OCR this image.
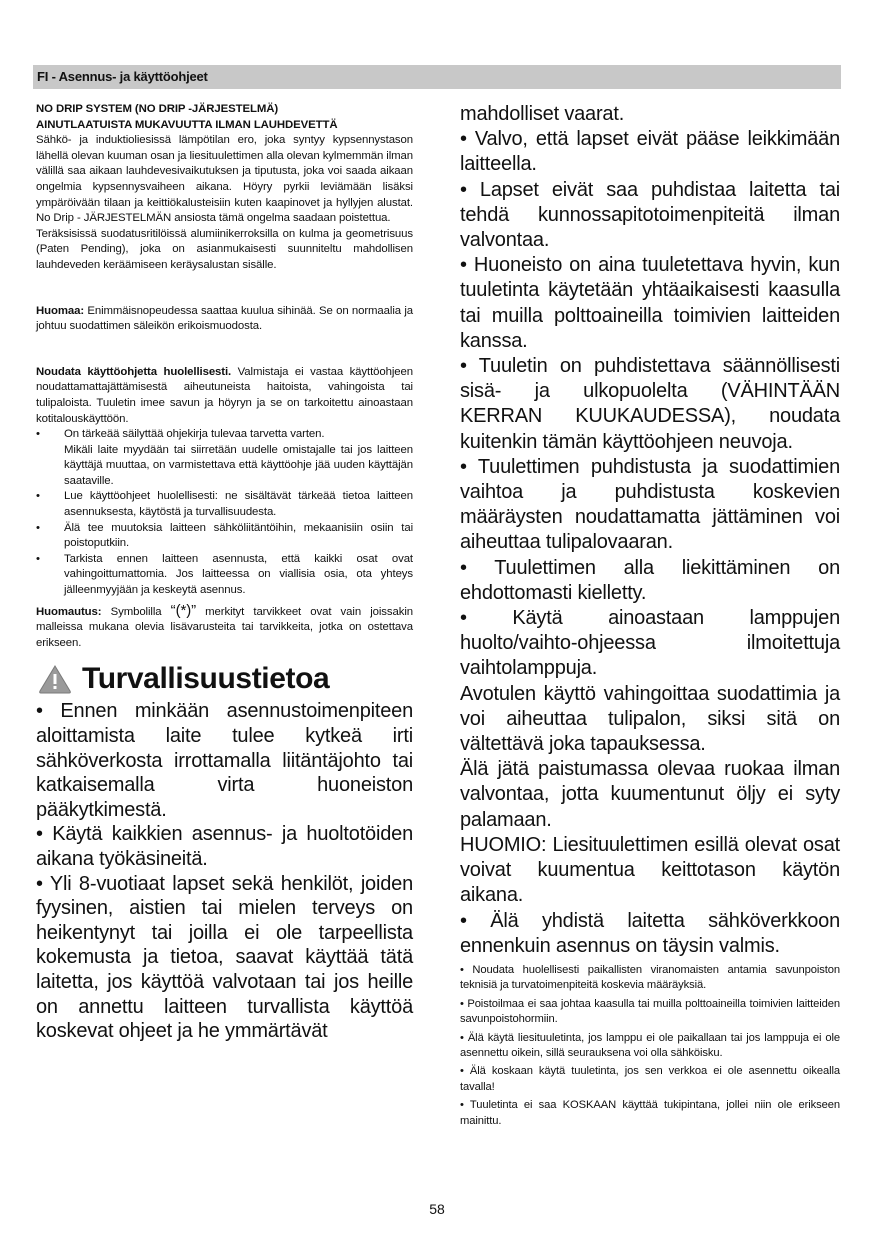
FI - Asennus- ja käyttöohjeet

NO DRIP SYSTEM (NO DRIP -JÄRJESTELMÄ)

AINUTLAATUISTA MUKAVUUTTA ILMAN LAUHDEVETTÄ

Sähkö- ja induktioliesissä lämpötilan ero, joka syntyy kypsennystason lähellä olevan kuuman osan ja liesituulettimen alla olevan kylmemmän ilman välillä saa aikaan lauhdevesivaikutuksen ja tiputusta, joka voi saada aikaan ongelmia kypsennysvaiheen aikana. Höyry pyrkii leviämään lisäksi ympäröivään tilaan ja keittiökalusteisiin kuten kaapinovet ja hyllyjen alustat. No Drip - JÄRJESTELMÄN ansiosta tämä ongelma saadaan poistettua.

Teräksisissä suodatusritilöissä alumiinikerroksilla on kulma ja geometrisuus (Paten Pending), joka on asianmukaisesti suunniteltu mahdollisen lauhdeveden keräämiseen keräysalustan sisälle.

Huomaa: Enimmäisnopeudessa saattaa kuulua sihinää. Se on normaalia ja johtuu suodattimen säleikön erikoismuodosta.

Noudata käyttöohjetta huolellisesti. Valmistaja ei vastaa käyttöohjeen noudattamattajättämisestä aiheutuneista haitoista, vahingoista tai tulipaloista. Tuuletin imee savun ja höyryn ja se on tarkoitettu ainoastaan kotitalouskäyttöön.

• On tärkeää säilyttää ohjekirja tulevaa tarvetta varten.
Mikäli laite myydään tai siirretään uudelle omistajalle tai jos laitteen käyttäjä muuttaa, on varmistettava että käyttöohje jää uuden käyttäjän saataville.
• Lue käyttöohjeet huolellisesti: ne sisältävät tärkeää tietoa laitteen asennuksesta, käytöstä ja turvallisuudesta.
• Älä tee muutoksia laitteen sähköliitäntöihin, mekaanisiin osiin tai poistoputkiin.
• Tarkista ennen laitteen asennusta, että kaikki osat ovat vahingoittumattomia. Jos laitteessa on viallisia osia, ota yhteys jälleenmyyjään ja keskeytä asennus.

Huomautus: Symbolilla “(*)” merkityt tarvikkeet ovat vain joissakin malleissa mukana olevia lisävarusteita tai tarvikkeita, jotka on ostettava erikseen.

Turvallisuustietoa

• Ennen minkään asennustoimenpiteen aloittamista laite tulee kytkeä irti sähköverkosta irrottamalla liitäntäjohto tai katkaisemalla virta huoneiston pääkytkimestä.

• Käytä kaikkien asennus- ja huoltotöiden aikana työkäsineitä.

• Yli 8-vuotiaat lapset sekä henkilöt, joiden fyysinen, aistien tai mielen terveys on heikentynyt tai joilla ei ole tarpeellista kokemusta ja tietoa, saavat käyttää tätä laitetta, jos käyttöä valvotaan tai jos heille on annettu laitteen turvallista käyttöä koskevat ohjeet ja he ymmärtävät

mahdolliset vaarat.

• Valvo, että lapset eivät pääse leikkimään laitteella.

• Lapset eivät saa puhdistaa laitetta tai tehdä kunnossapitotoimenpiteitä ilman valvontaa.

• Huoneisto on aina tuuletettava hyvin, kun tuuletinta käytetään yhtäaikaisesti kaasulla tai muilla polttoaineilla toimivien laitteiden kanssa.

• Tuuletin on puhdistettava säännöllisesti sisä- ja ulkopuolelta (VÄHINTÄÄN KERRAN KUUKAUDESSA), noudata kuitenkin tämän käyttöohjeen neuvoja.

• Tuulettimen puhdistusta ja suodattimien vaihtoa ja puhdistusta koskevien määräysten noudattamatta jättäminen voi aiheuttaa tulipalovaaran.

• Tuulettimen alla liekittäminen on ehdottomasti kielletty.

• Käytä ainoastaan lamppujen huolto/vaihto-ohjeessa ilmoitettuja vaihtolamppuja.

Avotulen käyttö vahingoittaa suodattimia ja voi aiheuttaa tulipalon, siksi sitä on vältettävä joka tapauksessa.

Älä jätä paistumassa olevaa ruokaa ilman valvontaa, jotta kuumentunut öljy ei syty palamaan.

HUOMIO: Liesituulettimen esillä olevat osat voivat kuumentua keittotason käytön aikana.

• Älä yhdistä laitetta sähköverkkoon ennenkuin asennus on täysin valmis.

• Noudata huolellisesti paikallisten viranomaisten antamia savunpoiston teknisiä ja turvatoimenpiteitä koskevia määräyksiä.

• Poistoilmaa ei saa johtaa kaasulla tai muilla polttoaineilla toimivien laitteiden savunpoistohormiin.

• Älä käytä liesituuletinta, jos lamppu ei ole paikallaan tai jos lamppuja ei ole asennettu oikein, sillä seurauksena voi olla sähköisku.

• Älä koskaan käytä tuuletinta, jos sen verkkoa ei ole asennettu oikealla tavalla!

• Tuuletinta ei saa KOSKAAN käyttää tukipintana, jollei niin ole erikseen mainittu.

58
